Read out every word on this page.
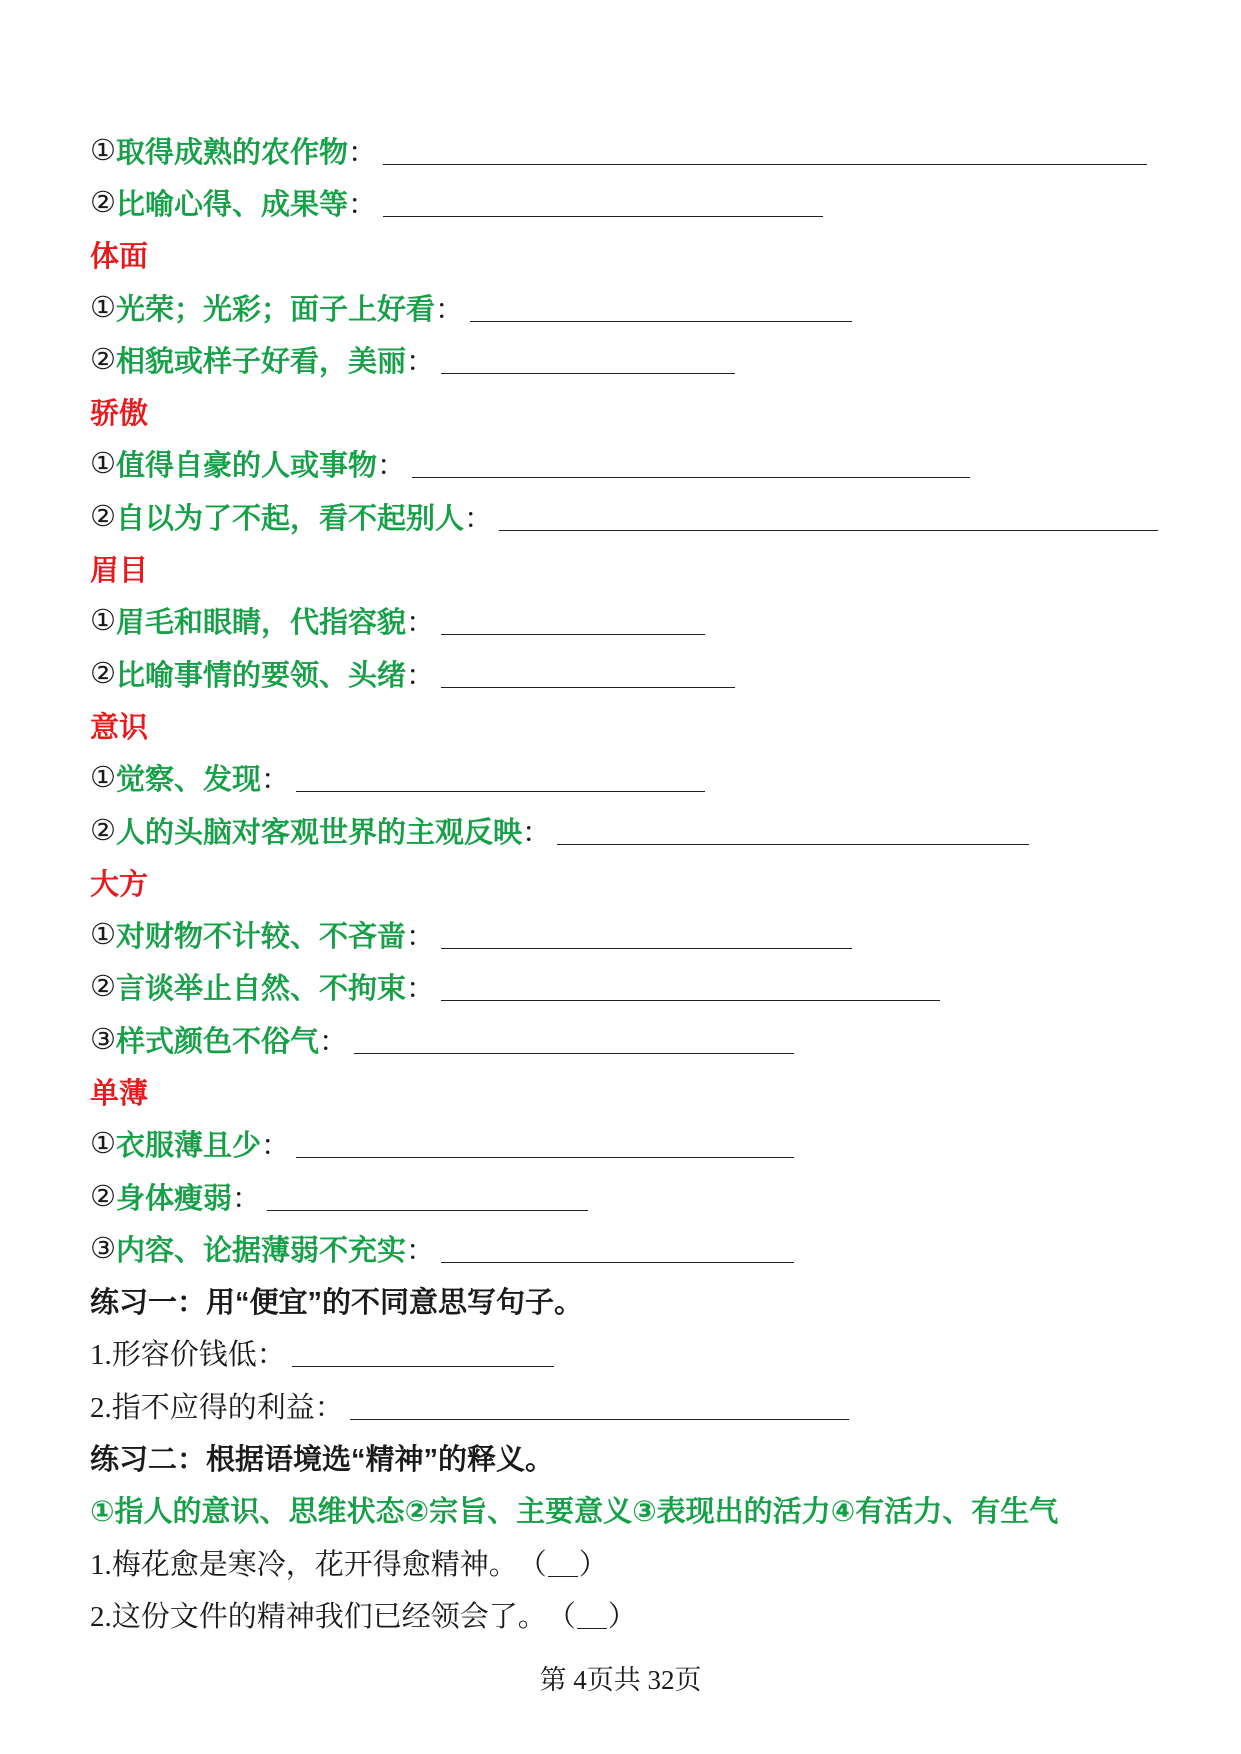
① 取得成熟的农作物 ：
② 比喻心得、成果等 ：
体面
① 光荣；光彩；面子上好看 ：
② 相貌或样子好看，美丽 ：
骄傲
① 值得自豪的人或事物 ：
② 自以为了不起，看不起别人 ：
眉目
① 眉毛和眼睛，代指容貌 ：
② 比喻事情的要领、头绪 ：
意识
① 觉察、发现 ：
② 人的头脑对客观世界的主观反映 ：
大方
① 对财物不计较、不吝啬 ：
② 言谈举止自然、不拘束 ：
③ 样式颜色不俗气 ：
单薄
① 衣服薄且少 ：
② 身体瘦弱 ：
③ 内容、论据薄弱不充实 ：
练习一：用“便宜”的不同意思写句子。
1.形容价钱低：
2.指不应得的利益：
练习二：根据语境选“精神”的释义。
①指人的意识、思维状态②宗旨、主要意义③表现出的活力④有活力、有生气
1.梅花愈是寒冷，花开得愈精神。 （ ）
2.这份文件的精神我们已经领会了。 （ ）
第 4页共 32页
